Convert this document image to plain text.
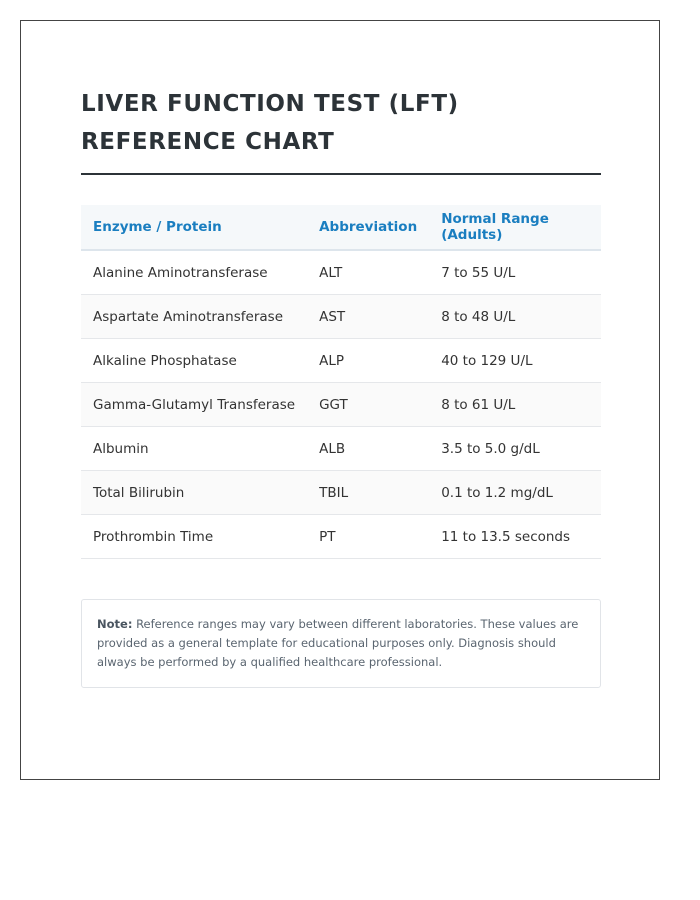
LIVER FUNCTION TEST (LFT) REFERENCE CHART
Enzyme / Protein	Abbreviation	Normal Range (Adults)
Alanine Aminotransferase	ALT	7 to 55 U/L
Aspartate Aminotransferase	AST	8 to 48 U/L
Alkaline Phosphatase	ALP	40 to 129 U/L
Gamma-Glutamyl Transferase	GGT	8 to 61 U/L
Albumin	ALB	3.5 to 5.0 g/dL
Total Bilirubin	TBIL	0.1 to 1.2 mg/dL
Prothrombin Time	PT	11 to 13.5 seconds
Note: Reference ranges may vary between different laboratories. These values are provided as a general template for educational purposes only. Diagnosis should always be performed by a qualified healthcare professional.
